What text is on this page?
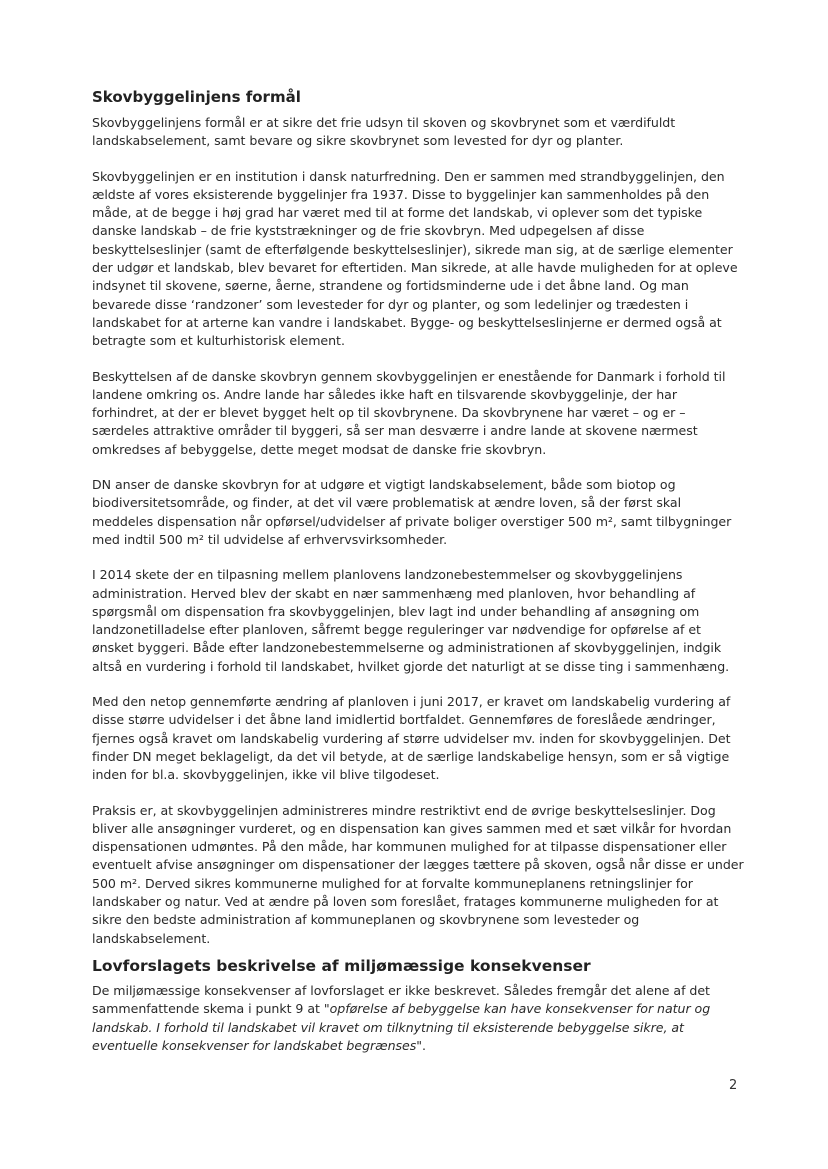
Skovbyggelinjens formål

Skovbyggelinjens formål er at sikre det frie udsyn til skoven og skovbrynet som et værdifuldt landskabselement, samt bevare og sikre skovbrynet som levested for dyr og planter.

Skovbyggelinjen er en institution i dansk naturfredning. Den er sammen med strandbyggelinjen, den ældste af vores eksisterende byggelinjer fra 1937. Disse to byggelinjer kan sammenholdes på den måde, at de begge i høj grad har været med til at forme det landskab, vi oplever som det typiske danske landskab – de frie kyststrækninger og de frie skovbryn. Med udpegelsen af disse beskyttelseslinjer (samt de efterfølgende beskyttelseslinjer), sikrede man sig, at de særlige elementer der udgør et landskab, blev bevaret for eftertiden. Man sikrede, at alle havde muligheden for at opleve indsynet til skovene, søerne, åerne, strandene og fortidsminderne ude i det åbne land. Og man bevarede disse ‘randzoner’ som levesteder for dyr og planter, og som ledelinjer og trædesten i landskabet for at arterne kan vandre i landskabet. Bygge- og beskyttelseslinjerne er dermed også at betragte som et kulturhistorisk element.

Beskyttelsen af de danske skovbryn gennem skovbyggelinjen er enestående for Danmark i forhold til landene omkring os. Andre lande har således ikke haft en tilsvarende skovbyggelinje, der har forhindret, at der er blevet bygget helt op til skovbrynene. Da skovbrynene har været – og er – særdeles attraktive områder til byggeri, så ser man desværre i andre lande at skovene nærmest omkredses af bebyggelse, dette meget modsat de danske frie skovbryn.

DN anser de danske skovbryn for at udgøre et vigtigt landskabselement, både som biotop og biodiversitetsområde, og finder, at det vil være problematisk at ændre loven, så der først skal meddeles dispensation når opførsel/udvidelser af private boliger overstiger 500 m², samt tilbygninger med indtil 500 m² til udvidelse af erhvervsvirksomheder.

I 2014 skete der en tilpasning mellem planlovens landzonebestemmelser og skovbyggelinjens administration. Herved blev der skabt en nær sammenhæng med planloven, hvor behandling af spørgsmål om dispensation fra skovbyggelinjen, blev lagt ind under behandling af ansøgning om landzonetilladelse efter planloven, såfremt begge reguleringer var nødvendige for opførelse af et ønsket byggeri. Både efter landzonebestemmelserne og administrationen af skovbyggelinjen, indgik altså en vurdering i forhold til landskabet, hvilket gjorde det naturligt at se disse ting i sammenhæng.

Med den netop gennemførte ændring af planloven i juni 2017, er kravet om landskabelig vurdering af disse større udvidelser i det åbne land imidlertid bortfaldet. Gennemføres de foreslåede ændringer, fjernes også kravet om landskabelig vurdering af større udvidelser mv. inden for skovbyggelinjen. Det finder DN meget beklageligt, da det vil betyde, at de særlige landskabelige hensyn, som er så vigtige inden for bl.a. skovbyggelinjen, ikke vil blive tilgodeset.

Praksis er, at skovbyggelinjen administreres mindre restriktivt end de øvrige beskyttelseslinjer. Dog bliver alle ansøgninger vurderet, og en dispensation kan gives sammen med et sæt vilkår for hvordan dispensationen udmøntes. På den måde, har kommunen mulighed for at tilpasse dispensationer eller eventuelt afvise ansøgninger om dispensationer der lægges tættere på skoven, også når disse er under 500 m². Derved sikres kommunerne mulighed for at forvalte kommuneplanens retningslinjer for landskaber og natur. Ved at ændre på loven som foreslået, fratages kommunerne muligheden for at sikre den bedste administration af kommuneplanen og skovbrynene som levesteder og landskabselement.

Lovforslagets beskrivelse af miljømæssige konsekvenser

De miljømæssige konsekvenser af lovforslaget er ikke beskrevet. Således fremgår det alene af det sammenfattende skema i punkt 9 at "opførelse af bebyggelse kan have konsekvenser for natur og landskab. I forhold til landskabet vil kravet om tilknytning til eksisterende bebyggelse sikre, at eventuelle konsekvenser for landskabet begrænses".

2
